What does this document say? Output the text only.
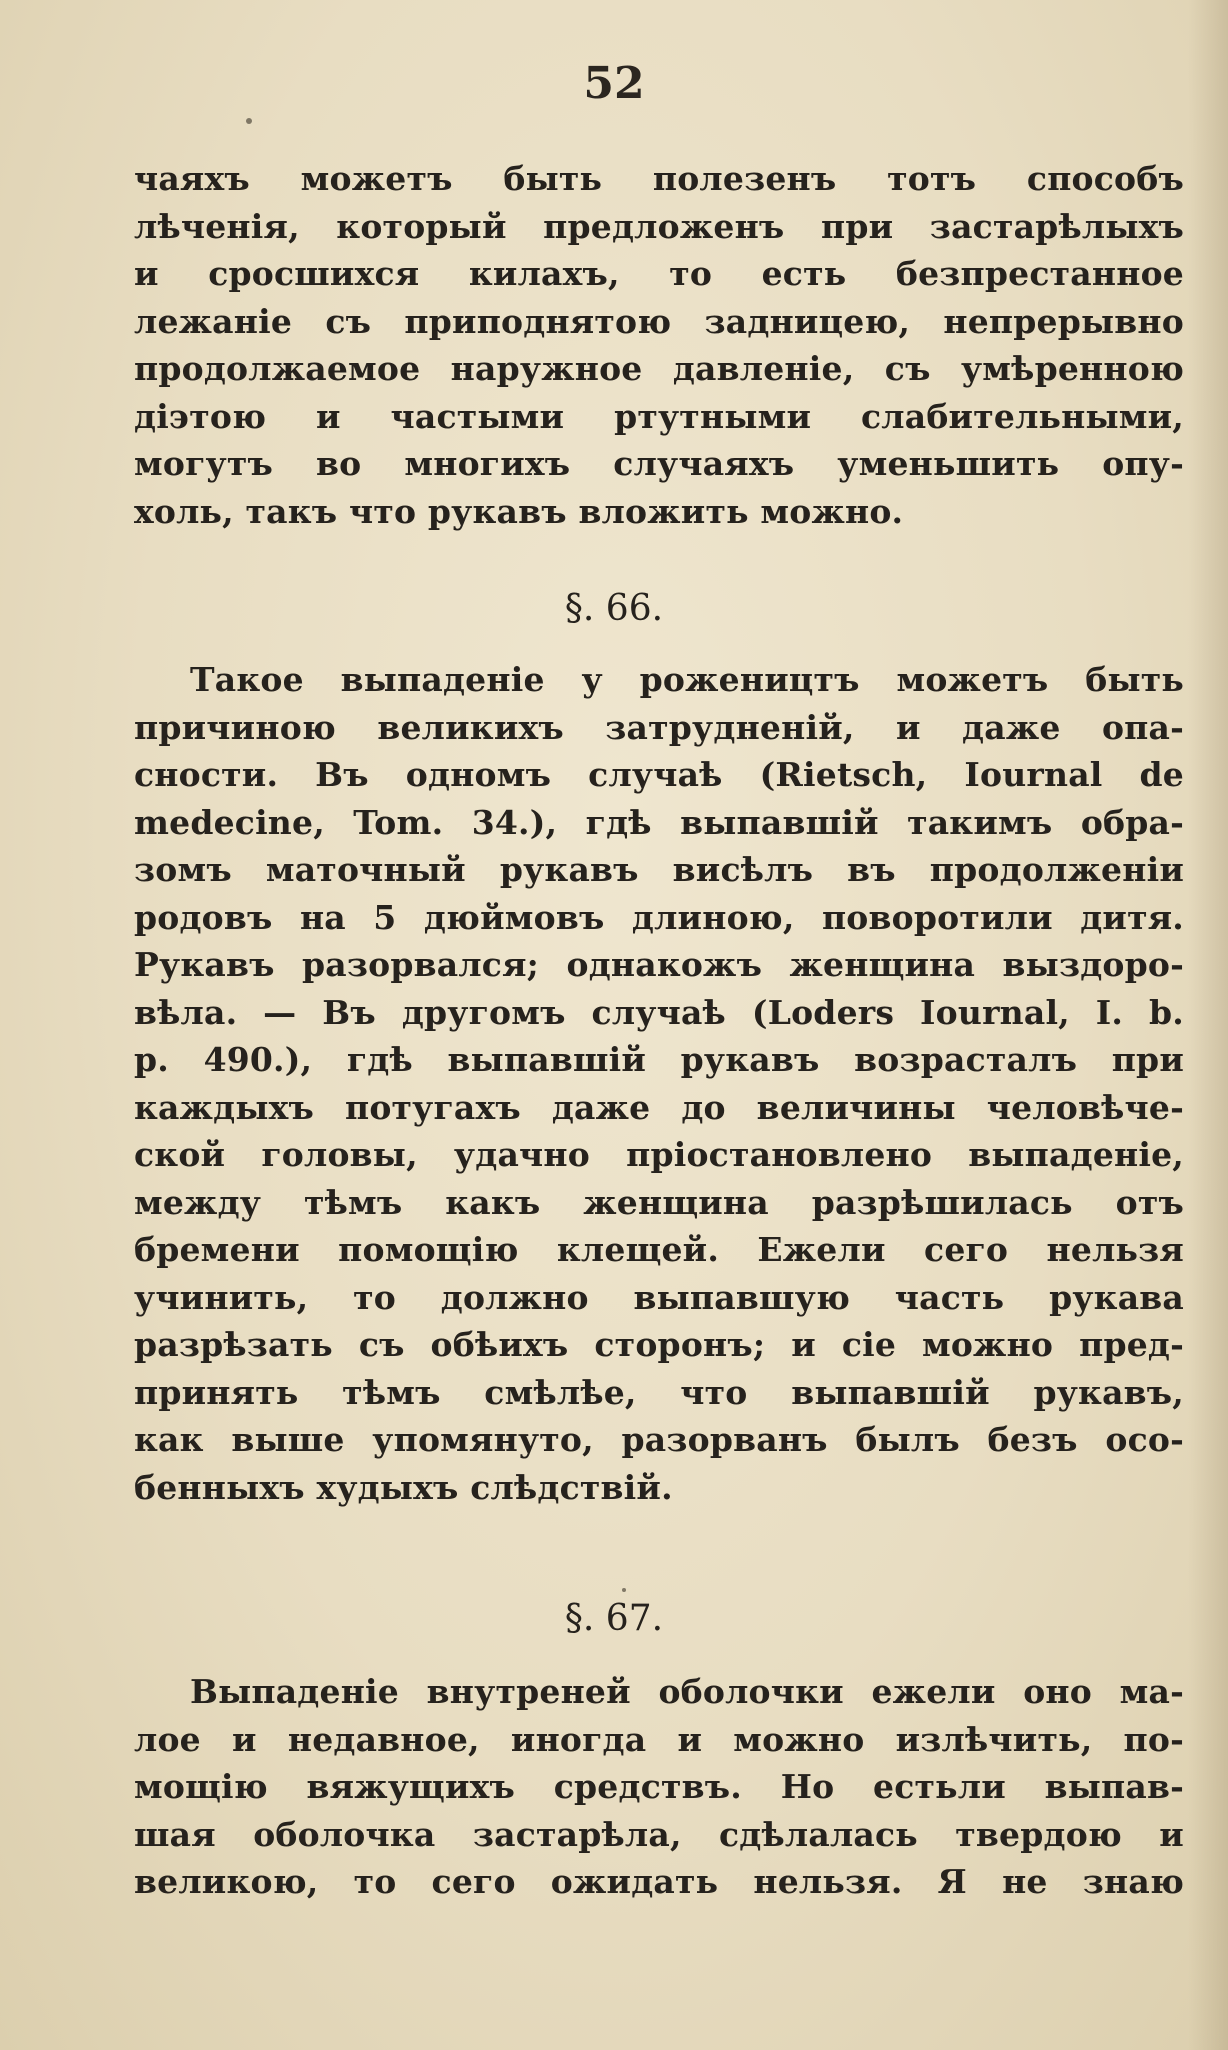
52
чаяхъ можетъ быть полезенъ тотъ способъ
лѣченія, который предложенъ при застарѣлыхъ
и сросшихся килахъ, то есть безпрестанное
лежаніе съ приподнятою задницею, непрерывно
продолжаемое наружное давленіе, съ умѣренною
діэтою и частыми ртутными слабительными,
могутъ во многихъ случаяхъ уменьшить опу-
холь, такъ что рукавъ вложить можно.
§. 66.
Такое выпаденіе у рожеництъ можетъ быть
причиною великихъ затрудненій, и даже опа-
сности. Въ одномъ случаѣ (Rietsch, Iournal de
medecine, Tom. 34.), гдѣ выпавшій такимъ обра-
зомъ маточный рукавъ висѣлъ въ продолженіи
родовъ на 5 дюймовъ длиною, поворотили дитя.
Рукавъ разорвался; однакожъ женщина выздоро-
вѣла. — Въ другомъ случаѣ (Loders Iournal, I. b.
p. 490.), гдѣ выпавшій рукавъ возрасталъ при
каждыхъ потугахъ даже до величины человѣче-
ской головы, удачно пріостановлено выпаденіе,
между тѣмъ какъ женщина разрѣшилась отъ
бремени помощію клещей. Ежели сего нельзя
учинить, то должно выпавшую часть рукава
разрѣзать съ обѣихъ сторонъ; и сіе можно пред-
принять тѣмъ смѣлѣе, что выпавшій рукавъ,
как выше упомянуто, разорванъ былъ безъ осо-
бенныхъ худыхъ слѣдствій.
§. 67.
Выпаденіе внутреней оболочки ежели оно ма-
лое и недавное, иногда и можно излѣчить, по-
мощію вяжущихъ средствъ. Но естьли выпав-
шая оболочка застарѣла, сдѣлалась твердою и
великою, то сего ожидать нельзя. Я не знаю
